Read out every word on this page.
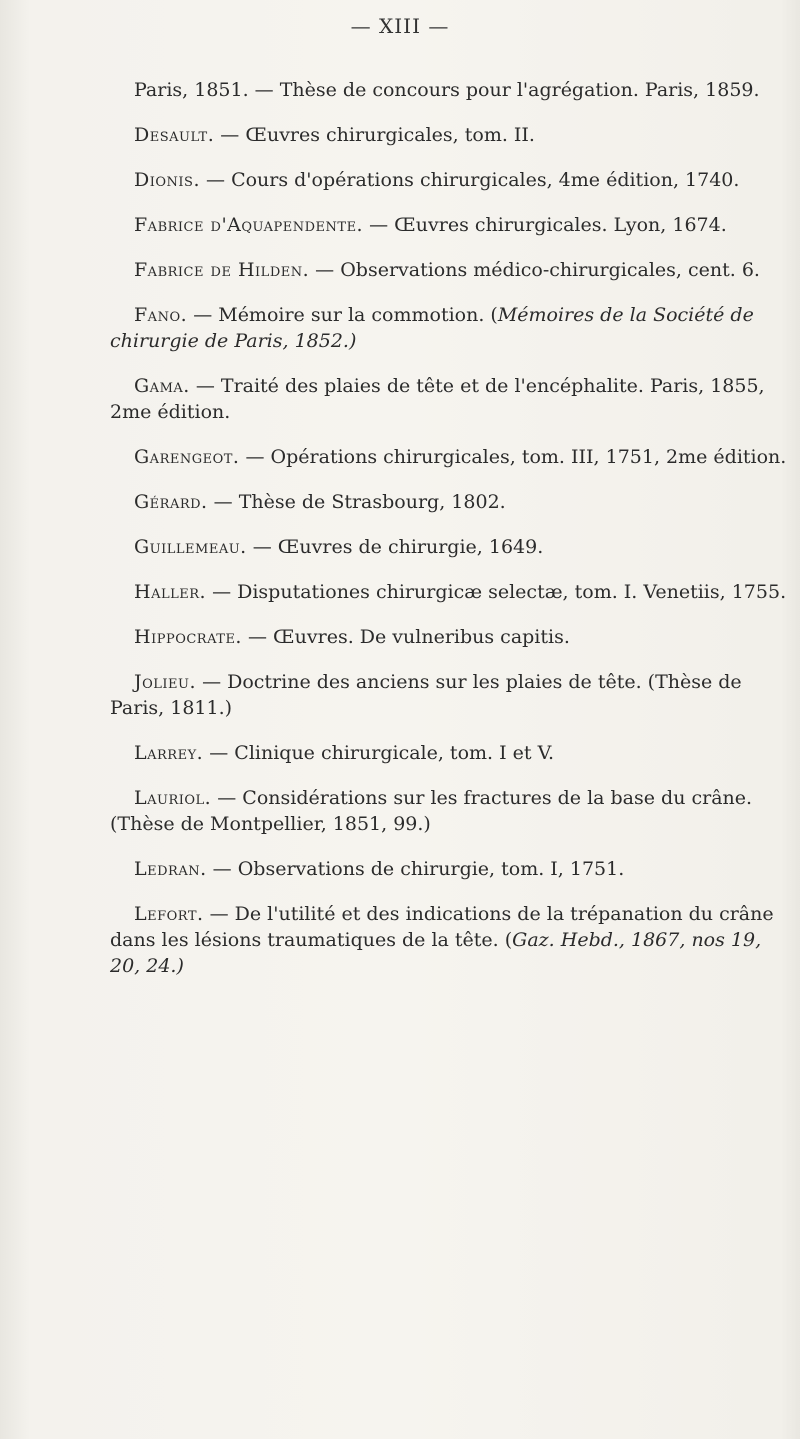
— XIII —

Paris, 1851. — Thèse de concours pour l'agrégation. Paris, 1859.

Desault. — Œuvres chirurgicales, tom. II.

Dionis. — Cours d'opérations chirurgicales, 4me édition, 1740.

Fabrice d'Aquapendente. — Œuvres chirurgicales. Lyon, 1674.

Fabrice de Hilden. — Observations médico-chirurgicales, cent. 6.

Fano. — Mémoire sur la commotion. (Mémoires de la Société de chirurgie de Paris, 1852.)

Gama. — Traité des plaies de tête et de l'encéphalite. Paris, 1855, 2me édition.

Garengeot. — Opérations chirurgicales, tom. III, 1751, 2me édition.

Gérard. — Thèse de Strasbourg, 1802.

Guillemeau. — Œuvres de chirurgie, 1649.

Haller. — Disputationes chirurgicæ selectæ, tom. I. Venetiis, 1755.

Hippocrate. — Œuvres. De vulneribus capitis.

Jolieu. — Doctrine des anciens sur les plaies de tête. (Thèse de Paris, 1811.)

Larrey. — Clinique chirurgicale, tom. I et V.

Lauriol. — Considérations sur les fractures de la base du crâne. (Thèse de Montpellier, 1851, 99.)

Ledran. — Observations de chirurgie, tom. I, 1751.

Lefort. — De l'utilité et des indications de la trépanation du crâne dans les lésions traumatiques de la tête. (Gaz. Hebd., 1867, nos 19, 20, 24.)
